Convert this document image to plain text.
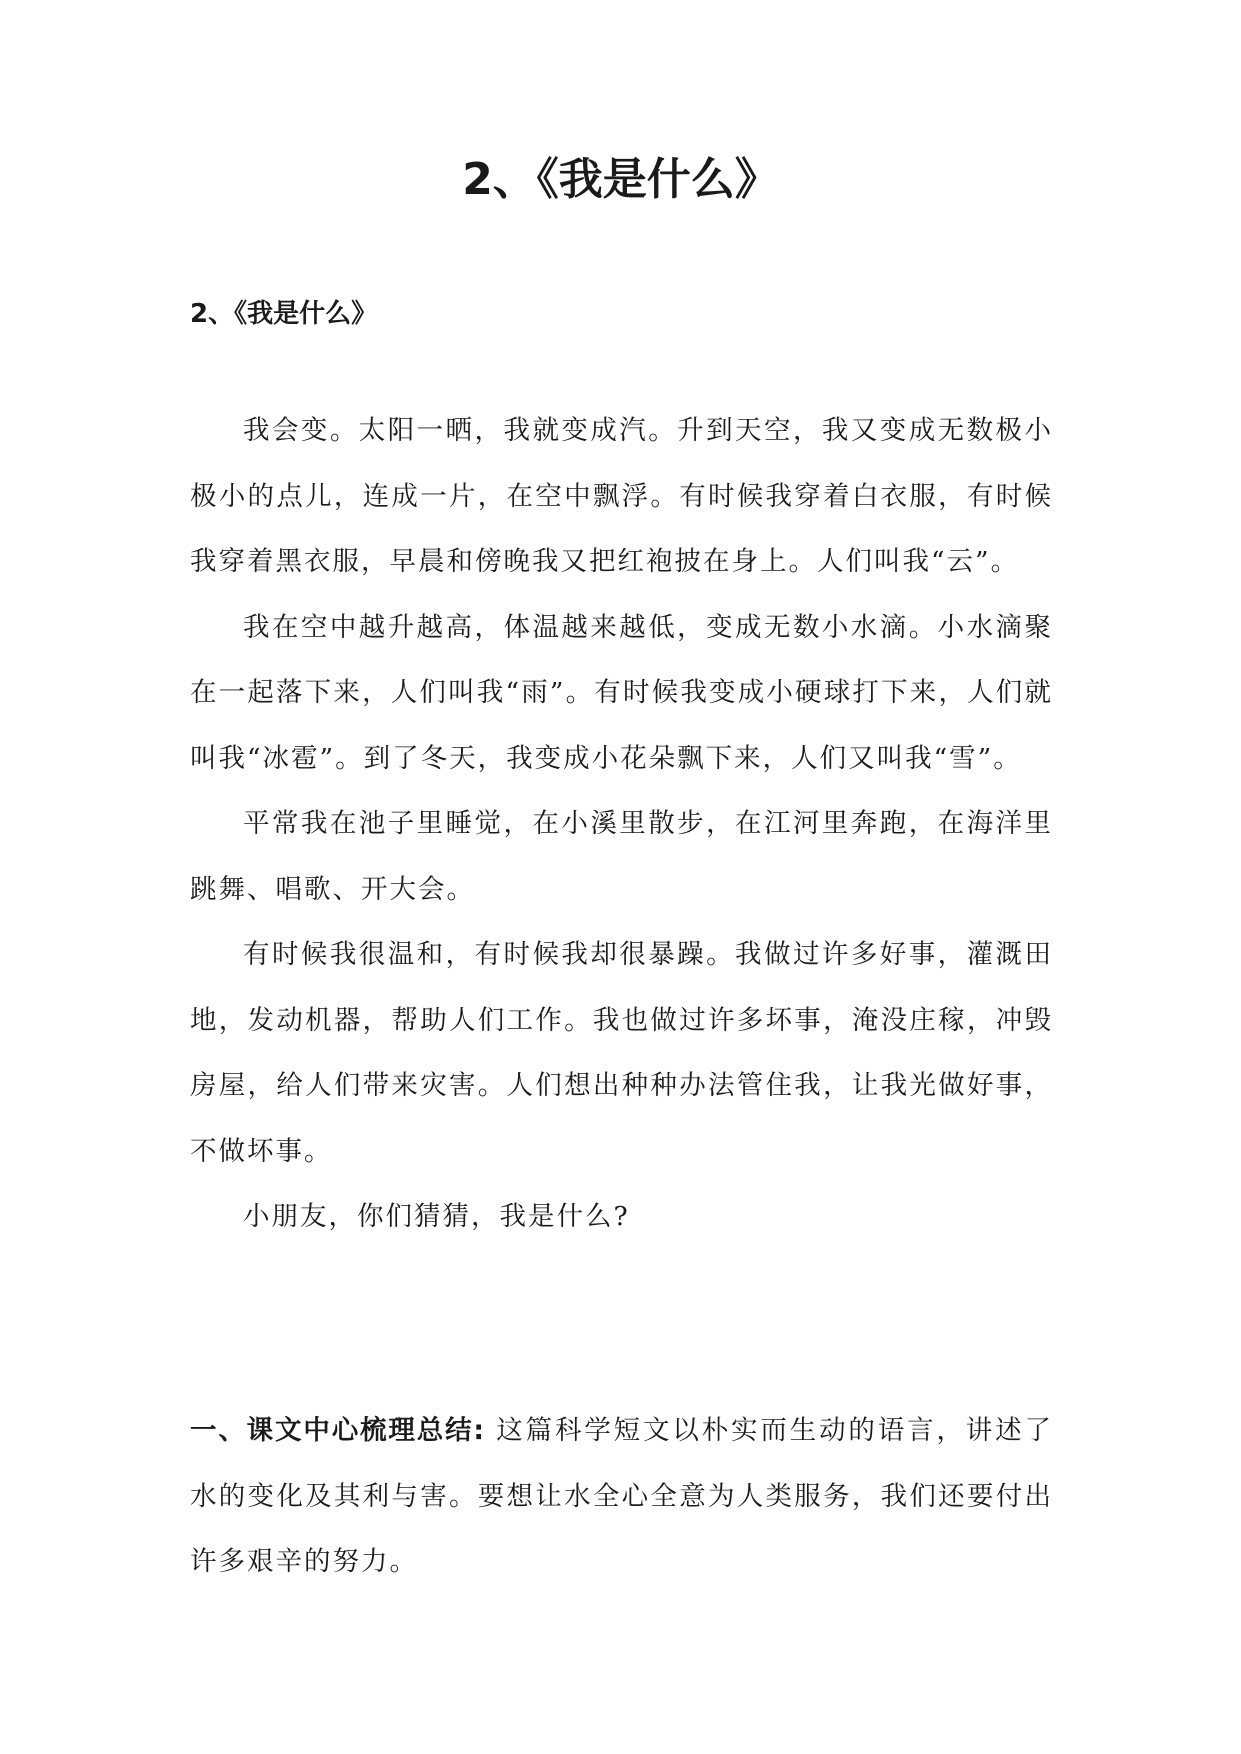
2、《我是什么》
2、《我是什么》

我会变。太阳一晒，我就变成汽。升到天空，我又变成无数极小极小的点儿，连成一片，在空中飘浮。有时候我穿着白衣服，有时候我穿着黑衣服，早晨和傍晚我又把红袍披在身上。人们叫我“云”。

我在空中越升越高，体温越来越低，变成无数小水滴。小水滴聚在一起落下来，人们叫我“雨”。有时候我变成小硬球打下来，人们就叫我“冰雹”。到了冬天，我变成小花朵飘下来，人们又叫我“雪”。

平常我在池子里睡觉，在小溪里散步，在江河里奔跑，在海洋里跳舞、唱歌、开大会。

有时候我很温和，有时候我却很暴躁。我做过许多好事，灌溉田地，发动机器，帮助人们工作。我也做过许多坏事，淹没庄稼，冲毁房屋，给人们带来灾害。人们想出种种办法管住我，让我光做好事，不做坏事。

小朋友，你们猜猜，我是什么?

一、课文中心梳理总结: 这篇科学短文以朴实而生动的语言，讲述了水的变化及其利与害。要想让水全心全意为人类服务，我们还要付出许多艰辛的努力。
